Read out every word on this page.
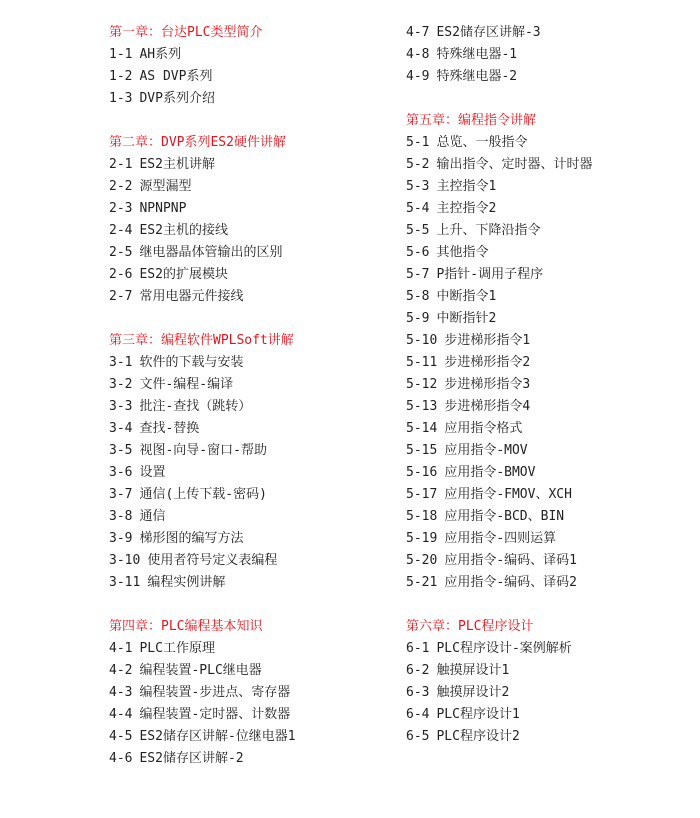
第一章：台达PLC类型简介
1-1 AH系列
1-2 AS DVP系列
1-3 DVP系列介绍
第二章：DVP系列ES2硬件讲解
2-1 ES2主机讲解
2-2 源型漏型
2-3 NPNPNP
2-4 ES2主机的接线
2-5 继电器晶体管输出的区别
2-6 ES2的扩展模块
2-7 常用电器元件接线
第三章：编程软件WPLSoft讲解
3-1 软件的下载与安装
3-2 文件-编程-编译
3-3 批注-查找（跳转）
3-4 查找-替换
3-5 视图-向导-窗口-帮助
3-6 设置
3-7 通信(上传下载-密码)
3-8 通信
3-9 梯形图的编写方法
3-10 使用者符号定义表编程
3-11 编程实例讲解
第四章：PLC编程基本知识
4-1 PLC工作原理
4-2 编程装置-PLC继电器
4-3 编程装置-步进点、寄存器
4-4 编程装置-定时器、计数器
4-5 ES2储存区讲解-位继电器1
4-6 ES2储存区讲解-2
4-7 ES2储存区讲解-3
4-8 特殊继电器-1
4-9 特殊继电器-2
第五章：编程指令讲解
5-1 总览、一般指令
5-2 输出指令、定时器、计时器
5-3 主控指令1
5-4 主控指令2
5-5 上升、下降沿指令
5-6 其他指令
5-7 P指针-调用子程序
5-8 中断指令1
5-9 中断指针2
5-10 步进梯形指令1
5-11 步进梯形指令2
5-12 步进梯形指令3
5-13 步进梯形指令4
5-14 应用指令格式
5-15 应用指令-MOV
5-16 应用指令-BMOV
5-17 应用指令-FMOV、XCH
5-18 应用指令-BCD、BIN
5-19 应用指令-四则运算
5-20 应用指令-编码、译码1
5-21 应用指令-编码、译码2
第六章：PLC程序设计
6-1 PLC程序设计-案例解析
6-2 触摸屏设计1
6-3 触摸屏设计2
6-4 PLC程序设计1
6-5 PLC程序设计2
